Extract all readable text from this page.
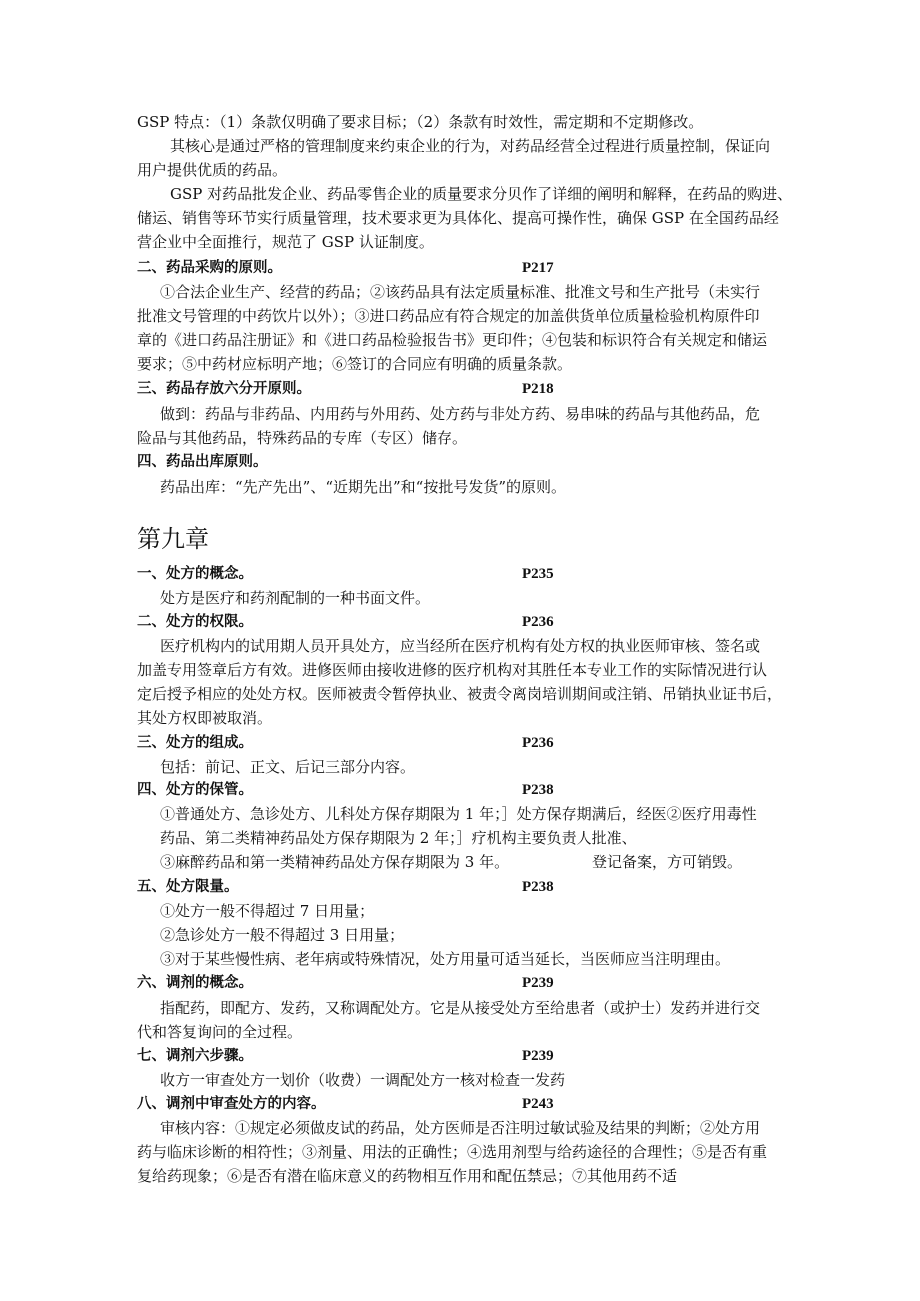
GSP 特点：（1）条款仅明确了要求目标；（2）条款有时效性，需定期和不定期修改。
其核心是通过严格的管理制度来约束企业的行为，对药品经营全过程进行质量控制，保证向
用户提供优质的药品。
GSP 对药品批发企业、药品零售企业的质量要求分贝作了详细的阐明和解释，在药品的购进、
储运、销售等环节实行质量管理，技术要求更为具体化、提高可操作性，确保 GSP 在全国药品经
营企业中全面推行，规范了 GSP 认证制度。
二、药品采购的原则。	P217
①合法企业生产、经营的药品；②该药品具有法定质量标准、批准文号和生产批号（未实行
批准文号管理的中药饮片以外）；③进口药品应有符合规定的加盖供货单位质量检验机构原件印
章的《进口药品注册证》和《进口药品检验报告书》更印件；④包装和标识符合有关规定和储运
要求；⑤中药材应标明产地；⑥签订的合同应有明确的质量条款。
三、药品存放六分开原则。	P218
做到：药品与非药品、内用药与外用药、处方药与非处方药、易串味的药品与其他药品，危
险品与其他药品，特殊药品的专库（专区）储存。
四、药品出库原则。
药品出库：“先产先出”、“近期先出”和“按批号发货”的原则。
第九章
一、处方的概念。	P235
处方是医疗和药剂配制的一种书面文件。
二、处方的权限。	P236
医疗机构内的试用期人员开具处方，应当经所在医疗机构有处方权的执业医师审核、签名或
加盖专用签章后方有效。进修医师由接收进修的医疗机构对其胜任本专业工作的实际情况进行认
定后授予相应的处处方权。医师被责令暂停执业、被责令离岗培训期间或注销、吊销执业证书后，
其处方权即被取消。
三、处方的组成。	P236
包括：前记、正文、后记三部分内容。
四、处方的保管。	P238
①普通处方、急诊处方、儿科处方保存期限为 1 年；］处方保存期满后，经医②医疗用毒性
药品、第二类精神药品处方保存期限为 2 年；］疗机构主要负责人批准、
③麻醉药品和第一类精神药品处方保存期限为 3 年。	登记备案，方可销毁。
五、处方限量。	P238
①处方一般不得超过 7 日用量；
②急诊处方一般不得超过 3 日用量；
③对于某些慢性病、老年病或特殊情况，处方用量可适当延长，当医师应当注明理由。
六、调剂的概念。	P239
指配药，即配方、发药，又称调配处方。它是从接受处方至给患者（或护士）发药并进行交
代和答复询问的全过程。
七、调剂六步骤。	P239
收方一审查处方一划价（收费）一调配处方一核对检查一发药
八、调剂中审查处方的内容。	P243
审核内容：①规定必须做皮试的药品，处方医师是否注明过敏试验及结果的判断；②处方用
药与临床诊断的相符性；③剂量、用法的正确性；④选用剂型与给药途径的合理性；⑤是否有重
复给药现象；⑥是否有潜在临床意义的药物相互作用和配伍禁忌；⑦其他用药不适
